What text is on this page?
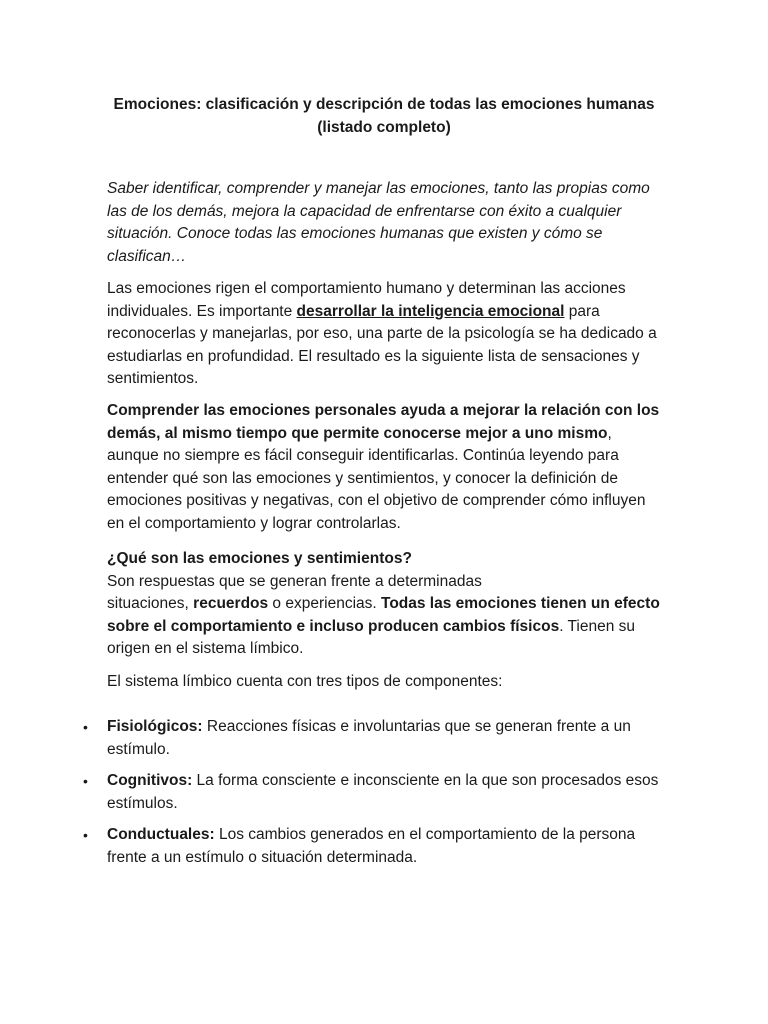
Emociones: clasificación y descripción de todas las emociones humanas
(listado completo)

Saber identificar, comprender y manejar las emociones, tanto las propias como las de los demás, mejora la capacidad de enfrentarse con éxito a cualquier situación. Conoce todas las emociones humanas que existen y cómo se clasifican…

Las emociones rigen el comportamiento humano y determinan las acciones individuales. Es importante desarrollar la inteligencia emocional para reconocerlas y manejarlas, por eso, una parte de la psicología se ha dedicado a estudiarlas en profundidad. El resultado es la siguiente lista de sensaciones y sentimientos.

Comprender las emociones personales ayuda a mejorar la relación con los demás, al mismo tiempo que permite conocerse mejor a uno mismo, aunque no siempre es fácil conseguir identificarlas. Continúa leyendo para entender qué son las emociones y sentimientos, y conocer la definición de emociones positivas y negativas, con el objetivo de comprender cómo influyen en el comportamiento y lograr controlarlas.

¿Qué son las emociones y sentimientos?
Son respuestas que se generan frente a determinadas
situaciones, recuerdos o experiencias. Todas las emociones tienen un efecto sobre el comportamiento e incluso producen cambios físicos. Tienen su origen en el sistema límbico.

El sistema límbico cuenta con tres tipos de componentes:

• Fisiológicos: Reacciones físicas e involuntarias que se generan frente a un estímulo.
• Cognitivos: La forma consciente e inconsciente en la que son procesados esos estímulos.
• Conductuales: Los cambios generados en el comportamiento de la persona frente a un estímulo o situación determinada.
